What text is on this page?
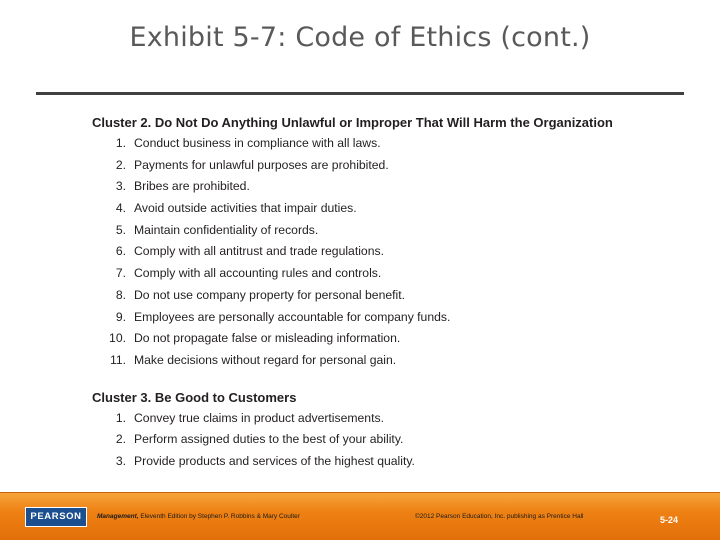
Exhibit 5-7: Code of Ethics (cont.)
Cluster 2. Do Not Do Anything Unlawful or Improper That Will Harm the Organization
1. Conduct business in compliance with all laws.
2. Payments for unlawful purposes are prohibited.
3. Bribes are prohibited.
4. Avoid outside activities that impair duties.
5. Maintain confidentiality of records.
6. Comply with all antitrust and trade regulations.
7. Comply with all accounting rules and controls.
8. Do not use company property for personal benefit.
9. Employees are personally accountable for company funds.
10. Do not propagate false or misleading information.
11. Make decisions without regard for personal gain.
Cluster 3. Be Good to Customers
1. Convey true claims in product advertisements.
2. Perform assigned duties to the best of your ability.
3. Provide products and services of the highest quality.
PEARSON	Management, Eleventh Edition by Stephen P. Robbins & Mary Coulter	©2012 Pearson Education, Inc. publishing as Prentice Hall	5-24
